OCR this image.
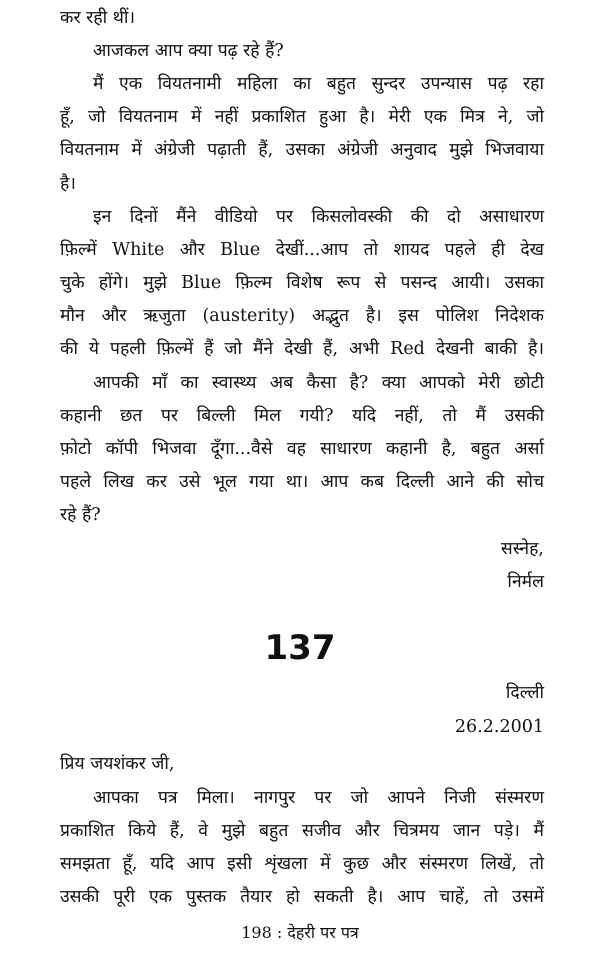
कर रही थीं।
आजकल आप क्या पढ़ रहे हैं?
मैं एक वियतनामी महिला का बहुत सुन्दर उपन्यास पढ़ रहा
हूँ, जो वियतनाम में नहीं प्रकाशित हुआ है। मेरी एक मित्र ने, जो
वियतनाम में अंग्रेजी पढ़ाती हैं, उसका अंग्रेजी अनुवाद मुझे भिजवाया
है।
इन दिनों मैंने वीडियो पर किसलोवस्की की दो असाधारण
फ़िल्में White और Blue देखीं...आप तो शायद पहले ही देख
चुके होंगे। मुझे Blue फ़िल्म विशेष रूप से पसन्द आयी। उसका
मौन और ऋजुता (austerity) अद्भुत है। इस पोलिश निदेशक
की ये पहली फ़िल्में हैं जो मैंने देखी हैं, अभी Red देखनी बाकी है।
आपकी माँ का स्वास्थ्य अब कैसा है? क्या आपको मेरी छोटी
कहानी छत पर बिल्ली मिल गयी? यदि नहीं, तो मैं उसकी
फ़ोटो कॉपी भिजवा दूँगा...वैसे वह साधारण कहानी है, बहुत अर्सा
पहले लिख कर उसे भूल गया था। आप कब दिल्ली आने की सोच
रहे हैं?
सस्नेह,
निर्मल
137
दिल्ली
26.2.2001
प्रिय जयशंकर जी,
आपका पत्र मिला। नागपुर पर जो आपने निजी संस्मरण
प्रकाशित किये हैं, वे मुझे बहुत सजीव और चित्रमय जान पड़े। मैं
समझता हूँ, यदि आप इसी शृंखला में कुछ और संस्मरण लिखें, तो
उसकी पूरी एक पुस्तक तैयार हो सकती है। आप चाहें, तो उसमें
198 : देहरी पर पत्र
